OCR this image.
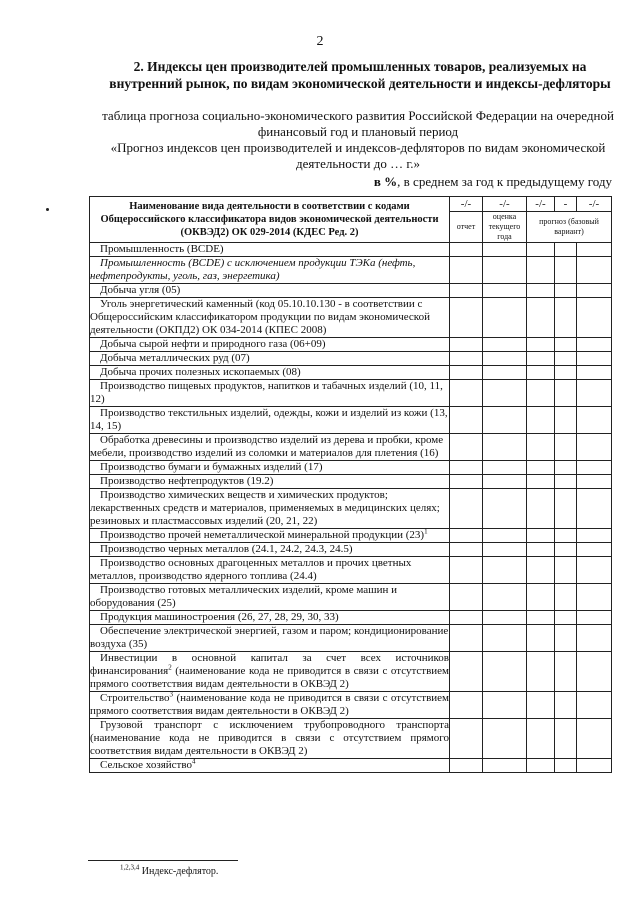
2
2. Индексы цен производителей промышленных товаров, реализуемых на внутренний рынок, по видам экономической деятельности и индексы-дефляторы
таблица прогноза социально-экономического развития Российской Федерации на очередной
финансовый год и плановый период
«Прогноз индексов цен производителей и индексов-дефляторов по видам экономической
деятельности до … г.»
в %, в среднем за год к предыдущему году
Наименование вида деятельности в соответствии с кодами Общероссийского классификатора видов экономической деятельности (ОКВЭД2) ОК 029-2014 (КДЕС Ред. 2)	-/-	-/-	-/-	-	-/-
	отчет	оценка текущего года	прогноз (базовый вариант)		
Промышленность (BCDE)					
Промышленность (BCDE) с исключением продукции ТЭКа (нефть, нефтепродукты, уголь, газ, энергетика)					
Добыча угля (05)					
Уголь энергетический каменный (код 05.10.10.130 - в соответствии с Общероссийским классификатором продукции по видам экономической деятельности (ОКПД2) ОК 034-2014 (КПЕС 2008)					
Добыча сырой нефти и природного газа (06+09)					
Добыча металлических руд (07)					
Добыча прочих полезных ископаемых (08)					
Производство пищевых продуктов, напитков и табачных изделий (10, 11, 12)					
Производство текстильных изделий, одежды, кожи и изделий из кожи (13, 14, 15)					
Обработка древесины и производство изделий из дерева и пробки, кроме мебели, производство изделий из соломки и материалов для плетения (16)					
Производство бумаги и бумажных изделий (17)					
Производство нефтепродуктов (19.2)					
Производство химических веществ и химических продуктов; лекарственных средств и материалов, применяемых в медицинских целях; резиновых и пластмассовых изделий (20, 21, 22)					
Производство прочей неметаллической минеральной продукции $(23)^1$					
Производство черных металлов (24.1, 24.2, 24.3, 24.5)					
Производство основных драгоценных металлов и прочих цветных металлов, производство ядерного топлива (24.4)					
Производство готовых металлических изделий, кроме машин и оборудования (25)					
Продукция машиностроения (26, 27, 28, 29, 30, 33)					
Обеспечение электрической энергией, газом и паром; кондиционирование воздуха (35)					
Инвестиции в основной капитал за счет всех источников финансирования$^2$ (наименование кода не приводится в связи с отсутствием прямого соответствия видам деятельности в ОКВЭД 2)					
Строительство$^3$ (наименование кода не приводится в связи с отсутствием прямого соответствия видам деятельности в ОКВЭД 2)					
Грузовой транспорт с исключением трубопроводного транспорта (наименование кода не приводится в связи с отсутствием прямого соответствия видам деятельности в ОКВЭД 2)					
Сельское хозяйство$^4$					
$^{1,2,3,4}$ Индекс-дефлятор.
